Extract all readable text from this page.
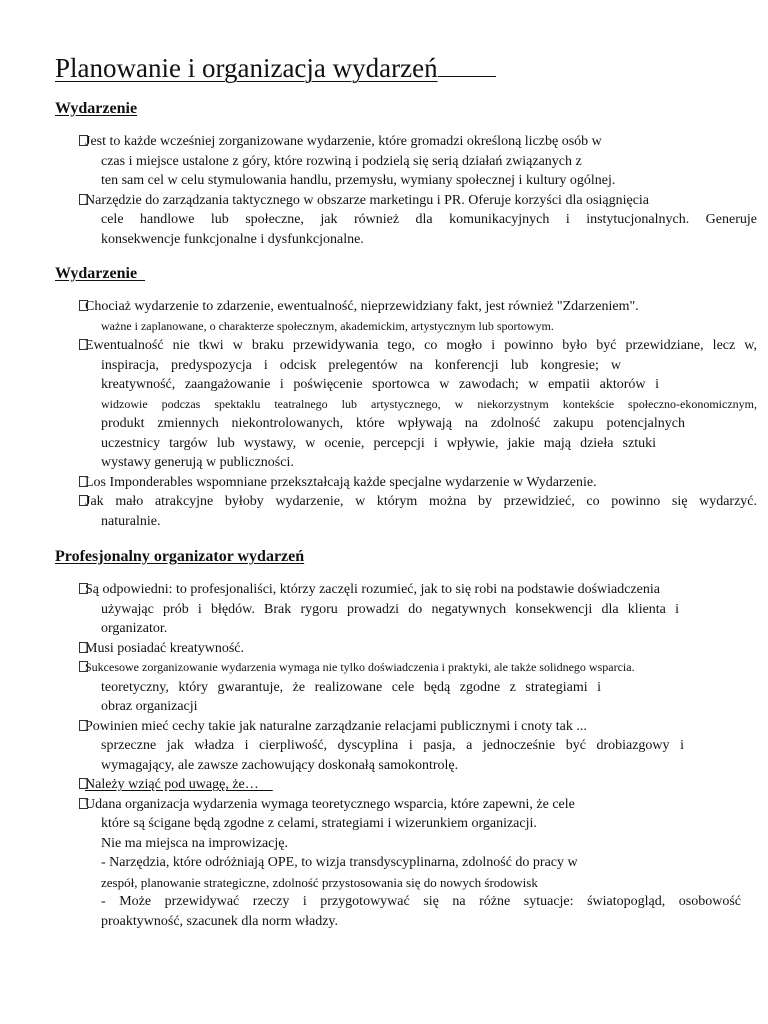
Planowanie i organizacja wydarzeń
Wydarzenie
Jest to każde wcześniej zorganizowane wydarzenie, które gromadzi określoną liczbę osób w
czas i miejsce ustalone z góry, które rozwiną i podzielą się serią działań związanych z
ten sam cel w celu stymulowania handlu, przemysłu, wymiany społecznej i kultury ogólnej.
Narzędzie do zarządzania taktycznego w obszarze marketingu i PR. Oferuje korzyści dla osiągnięcia
cele handlowe lub społeczne, jak również dla komunikacyjnych i instytucjonalnych. Generuje
konsekwencje funkcjonalne i dysfunkcjonalne.
Wydarzenie
Chociaż wydarzenie to zdarzenie, ewentualność, nieprzewidziany fakt, jest również "Zdarzeniem".
ważne i zaplanowane, o charakterze społecznym, akademickim, artystycznym lub sportowym.
Ewentualność nie tkwi w braku przewidywania tego, co mogło i powinno było być przewidziane, lecz w,
inspiracja, predyspozycja i odcisk prelegentów na konferencji lub kongresie; w
kreatywność, zaangażowanie i poświęcenie sportowca w zawodach; w empatii aktorów i
widzowie podczas spektaklu teatralnego lub artystycznego, w niekorzystnym kontekście społeczno-ekonomicznym,
produkt zmiennych niekontrolowanych, które wpływają na zdolność zakupu potencjalnych
uczestnicy targów lub wystawy, w ocenie, percepcji i wpływie, jakie mają dzieła sztuki
wystawy generują w publiczności.
Los Imponderables wspomniane przekształcają każde specjalne wydarzenie w Wydarzenie.
Jak mało atrakcyjne byłoby wydarzenie, w którym można by przewidzieć, co powinno się wydarzyć.
naturalnie.
Profesjonalny organizator wydarzeń
Są odpowiedni: to profesjonaliści, którzy zaczęli rozumieć, jak to się robi na podstawie doświadczenia
używając prób i błędów. Brak rygoru prowadzi do negatywnych konsekwencji dla klienta i
organizator.
Musi posiadać kreatywność.
Sukcesowe zorganizowanie wydarzenia wymaga nie tylko doświadczenia i praktyki, ale także solidnego wsparcia.
teoretyczny, który gwarantuje, że realizowane cele będą zgodne z strategiami i
obraz organizacji
Powinien mieć cechy takie jak naturalne zarządzanie relacjami publicznymi i cnoty tak ...
sprzeczne jak władza i cierpliwość, dyscyplina i pasja, a jednocześnie być drobiazgowy i
wymagający, ale zawsze zachowujący doskonałą samokontrolę.
Należy wziąć pod uwagę, że…
Udana organizacja wydarzenia wymaga teoretycznego wsparcia, które zapewni, że cele
które są ścigane będą zgodne z celami, strategiami i wizerunkiem organizacji.
Nie ma miejsca na improwizację.
- Narzędzia, które odróżniają OPE, to wizja transdyscyplinarna, zdolność do pracy w
zespół, planowanie strategiczne, zdolność przystosowania się do nowych środowisk
- Może przewidywać rzeczy i przygotowywać się na różne sytuacje: światopogląd, osobowość
proaktywność, szacunek dla norm władzy.
